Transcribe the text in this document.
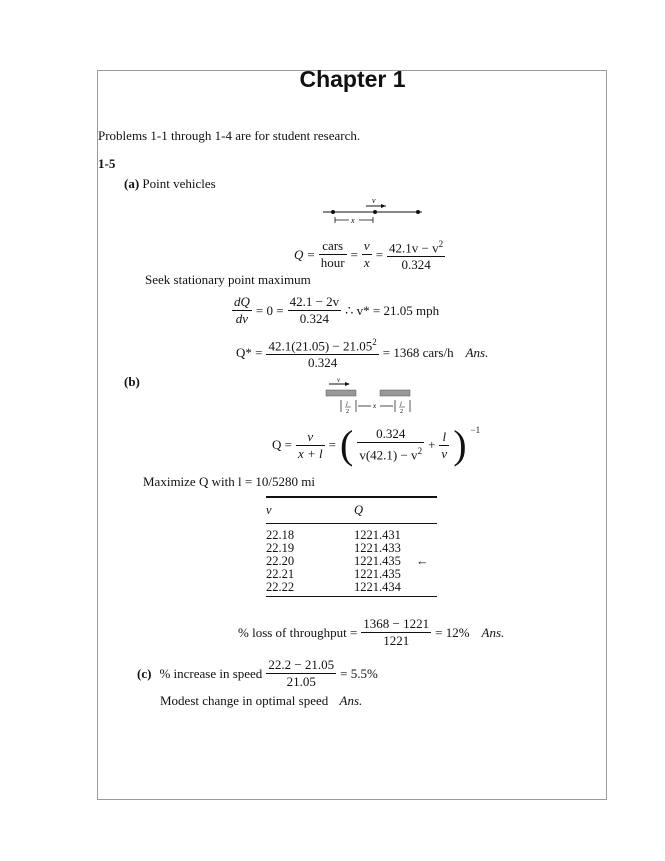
Chapter 1
Problems 1-1 through 1-4 are for student research.
1-5
(a) Point vehicles
v
x
$Q = \frac{\text{cars}}{\text{hour}} = \frac{v}{x} = \frac{42.1v - v^2}{0.324}$
Seek stationary point maximum
$\frac{dQ}{dv} = 0 = \frac{42.1 - 2v}{0.324}$ ∴ v* = 21.05 mph
$Q* = \frac{42.1(21.05) - 21.05^2}{0.324} = 1368$ cars/h Ans.
(b)	v
l
2
x	l
2
$Q = \frac{v}{x + l}$ = ( $\frac{0.324}{v(42.1) - v^2} + \frac{l}{v}$ ) $^{-1}$
Maximize Q with l = 10/5280 mi
v	Q
22.18	1221.431
22.19	1221.433
22.20	1221.435	←
22.21	1221.435
22.22	1221.434
% loss of throughput = $\frac{1368 - 1221}{1221} = 12\%$ Ans.
(c) % increase in speed $\frac{22.2 - 21.05}{21.05} = 5.5\%$
Modest change in optimal speed Ans.
